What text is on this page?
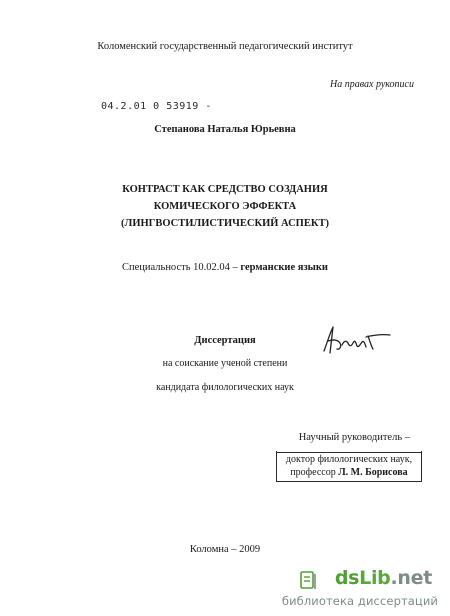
Коломенский государственный педагогический институт
На правах рукописи
04.2.01 0 53919 -
Степанова Наталья Юрьевна
КОНТРАСТ КАК СРЕДСТВО СОЗДАНИЯ
КОМИЧЕСКОГО ЭФФЕКТА
(ЛИНГВОСТИЛИСТИЧЕСКИЙ АСПЕКТ)
Специальность 10.02.04 – германские языки
Диссертация
на соискание ученой степени
кандидата филологических наук
Научный руководитель –
доктор филологических наук,
профессор Л. М. Борисова
Коломна – 2009
dsLib.net
библиотека диссертаций
